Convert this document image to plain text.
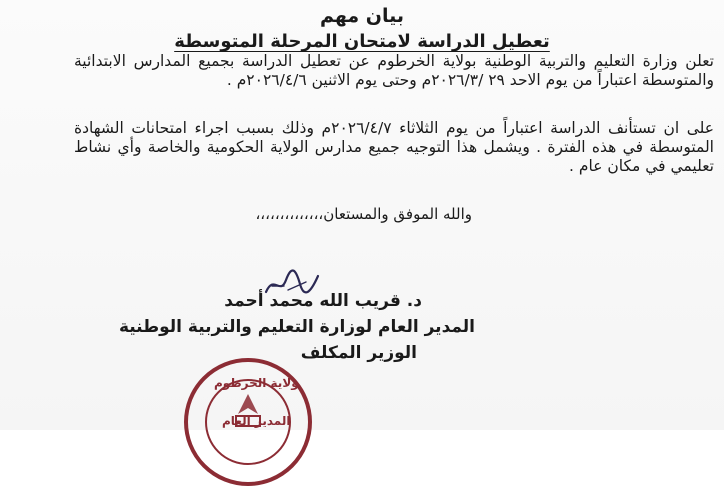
بيان مهم
تعطيل الدراسة لامتحان المرحلة المتوسطة
تعلن وزارة التعليم والتربية الوطنية بولاية الخرطوم عن تعطيل الدراسة بجميع المدارس الابتدائية والمتوسطة اعتباراً من يوم الاحد ٢٩ /٢٠٢٦/٣م وحتى يوم الاثنين ٢٠٢٦/٤/٦م .
على ان تستأنف الدراسة اعتباراً من يوم الثلاثاء ٢٠٢٦/٤/٧م وذلك بسبب اجراء امتحانات الشهادة المتوسطة في هذه الفترة . ويشمل هذا التوجيه جميع مدارس الولاية الحكومية والخاصة وأي نشاط تعليمي في مكان عام .
والله الموفق والمستعان،،،،،،،،،،،،،،
د. قريب الله محمد أحمد
المدير العام لوزارة التعليم والتربية الوطنية
الوزير المكلف
ولاية الخرطوم
المدير العام
